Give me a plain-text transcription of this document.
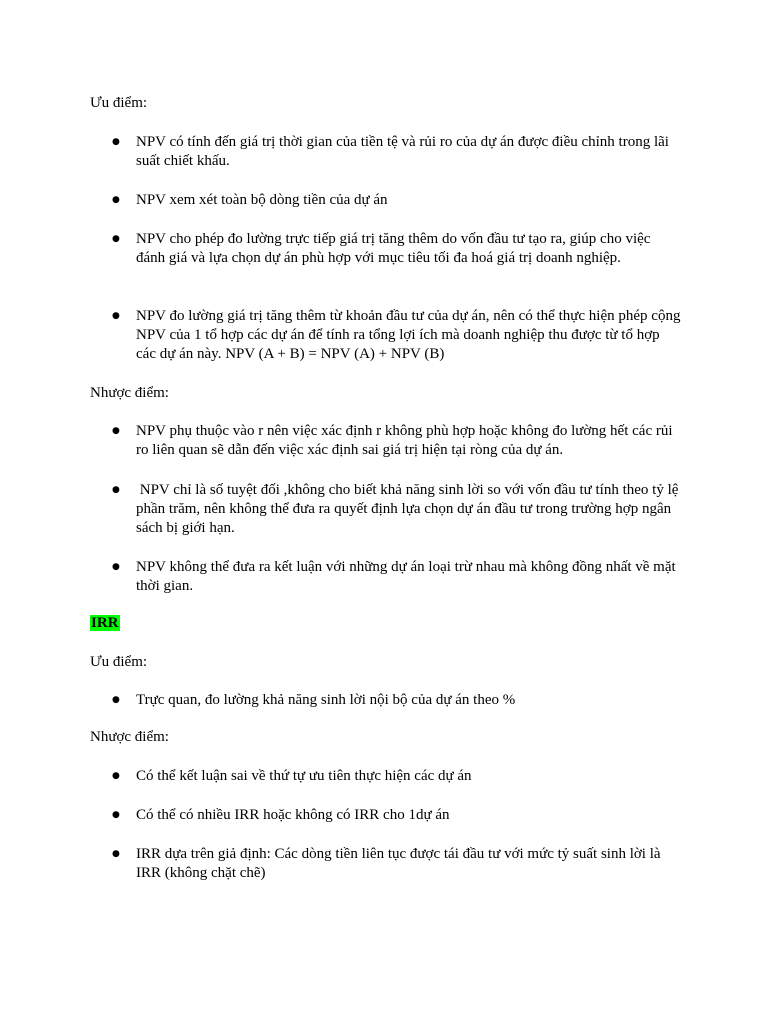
Ưu điểm:

●	NPV có tính đến giá trị thời gian của tiền tệ và rủi ro của dự án được điều chỉnh trong lãi suất chiết khấu.
●	NPV xem xét toàn bộ dòng tiền của dự án
●	NPV cho phép đo lường trực tiếp giá trị tăng thêm do vốn đầu tư tạo ra, giúp cho việc đánh giá và lựa chọn dự án phù hợp với mục tiêu tối đa hoá giá trị doanh nghiệp.
●	NPV đo lường giá trị tăng thêm từ khoản đầu tư của dự án, nên có thể thực hiện phép cộng NPV của 1 tổ hợp các dự án để tính ra tổng lợi ích mà doanh nghiệp thu được từ tổ hợp các dự án này. NPV (A + B) = NPV (A) + NPV (B)

Nhược điểm:

●	NPV phụ thuộc vào r nên việc xác định r không phù hợp hoặc không đo lường hết các rủi ro liên quan sẽ dẫn đến việc xác định sai giá trị hiện tại ròng của dự án.
●	NPV chỉ là số tuyệt đối ,không cho biết khả năng sinh lời so với vốn đầu tư tính theo tỷ lệ phần trăm, nên không thể đưa ra quyết định lựa chọn dự án đầu tư trong trường hợp ngân sách bị giới hạn.
●	NPV không thể đưa ra kết luận với những dự án loại trừ nhau mà không đồng nhất về mặt thời gian.

IRR

Ưu điểm:

●	Trực quan, đo lường khả năng sinh lời nội bộ của dự án theo %

Nhược điểm:

●	Có thể kết luận sai về thứ tự ưu tiên thực hiện các dự án
●	Có thể có nhiều IRR hoặc không có IRR cho 1dự án
●	IRR dựa trên giả định: Các dòng tiền liên tục được tái đầu tư với mức tỷ suất sinh lời là IRR (không chặt chẽ)
